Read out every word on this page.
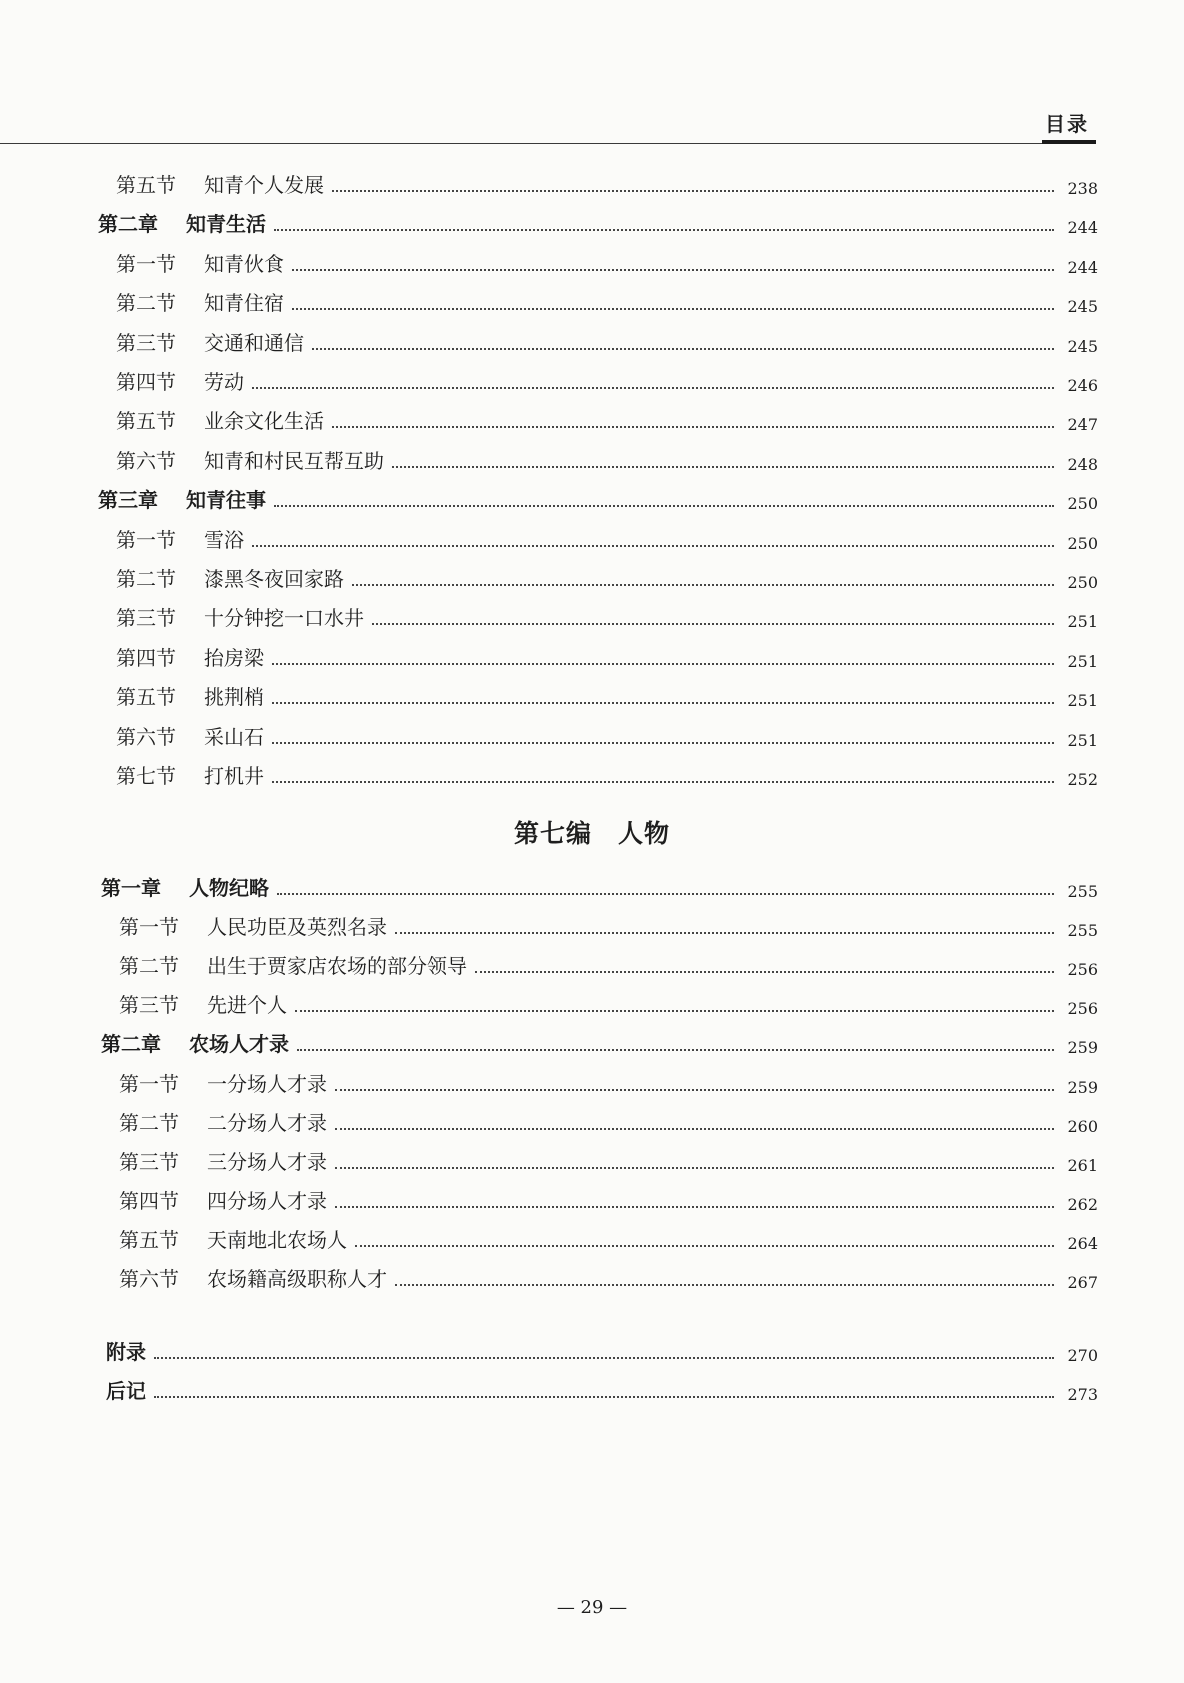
目录
第五节	知青个人发展	238
第二章	知青生活	244
第一节	知青伙食	244
第二节	知青住宿	245
第三节	交通和通信	245
第四节	劳动	246
第五节	业余文化生活	247
第六节	知青和村民互帮互助	248
第三章	知青往事	250
第一节	雪浴	250
第二节	漆黑冬夜回家路	250
第三节	十分钟挖一口水井	251
第四节	抬房梁	251
第五节	挑荆梢	251
第六节	采山石	251
第七节	打机井	252
第一章	人物纪略	255
第一节	人民功臣及英烈名录	255
第二节	出生于贾家店农场的部分领导	256
第三节	先进个人	256
第二章	农场人才录	259
第一节	一分场人才录	259
第二节	二分场人才录	260
第三节	三分场人才录	261
第四节	四分场人才录	262
第五节	天南地北农场人	264
第六节	农场籍高级职称人才	267
附录	270
后记	273
第七编　人物
— 29 —
